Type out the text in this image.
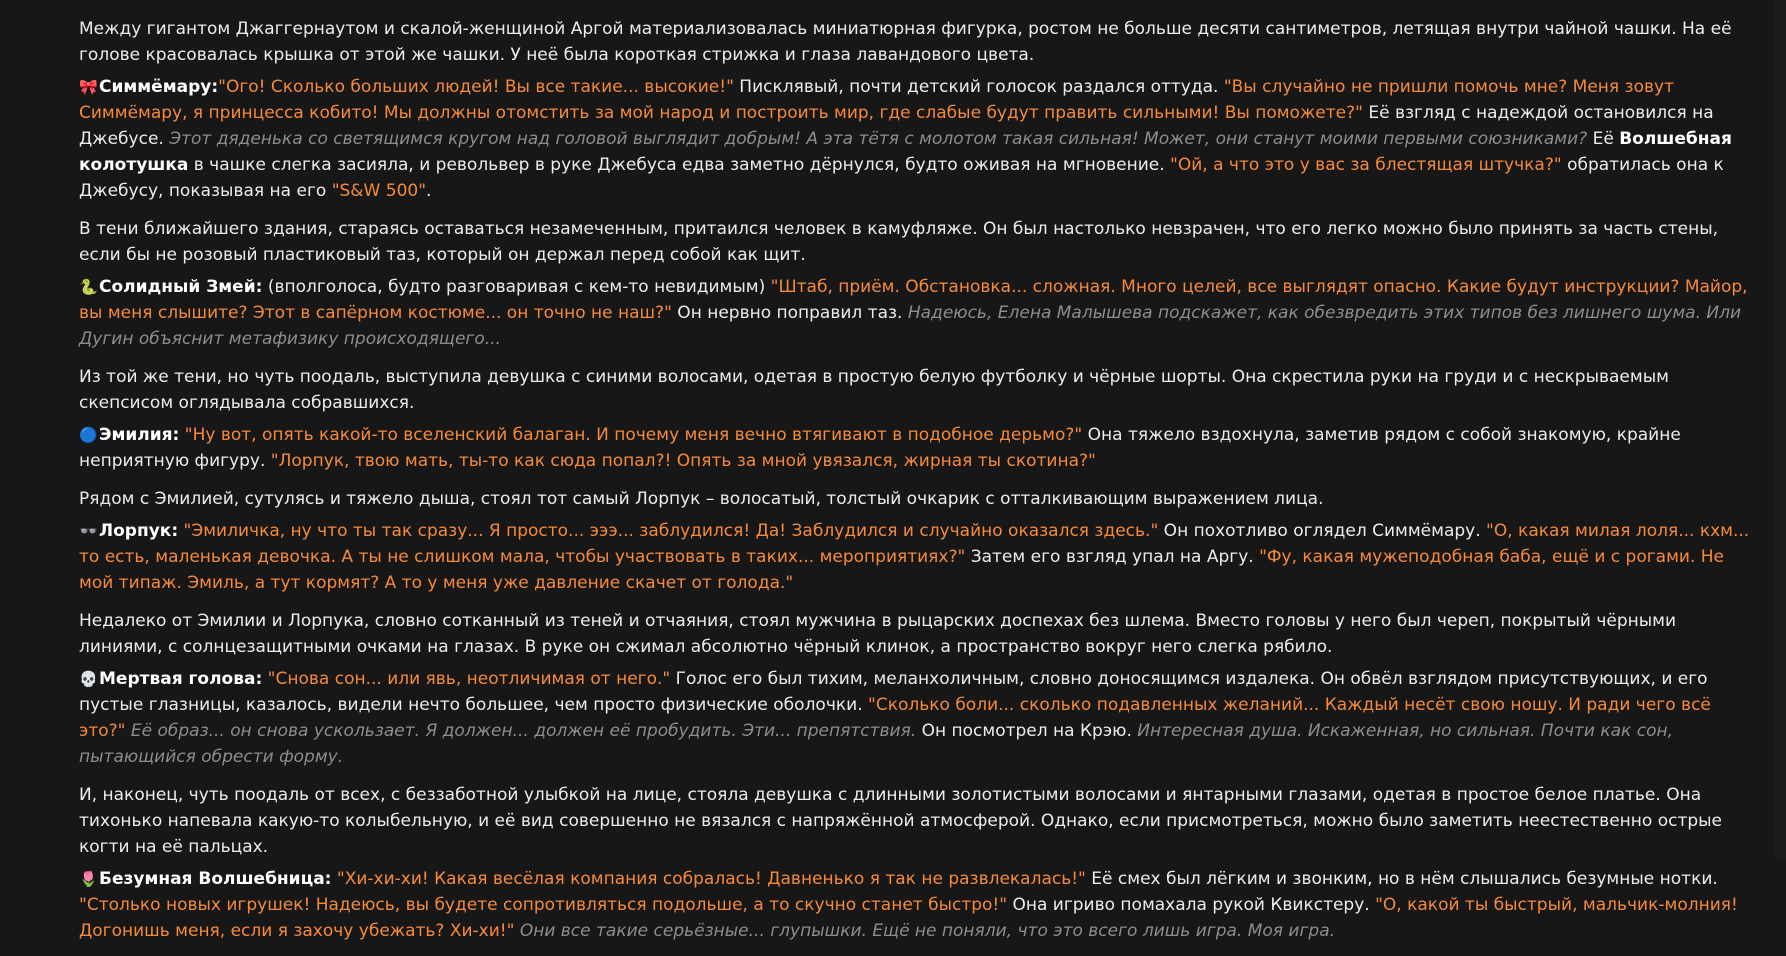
Между гигантом Джаггернаутом и скалой-женщиной Аргой материализовалась миниатюрная фигурка, ростом не больше десяти сантиметров, летящая внутри чайной чашки. На её голове красовалась крышка от этой же чашки. У неё была короткая стрижка и глаза лавандового цвета.

🎀Симмёмару:"Ого! Сколько больших людей! Вы все такие... высокие!" Писклявый, почти детский голосок раздался оттуда. "Вы случайно не пришли помочь мне? Меня зовут Симмёмару, я принцесса кобито! Мы должны отомстить за мой народ и построить мир, где слабые будут править сильными! Вы поможете?" Её взгляд с надеждой остановился на Джебусе. Этот дяденька со светящимся кругом над головой выглядит добрым! А эта тётя с молотом такая сильная! Может, они станут моими первыми союзниками? Её Волшебная колотушка в чашке слегка засияла, и револьвер в руке Джебуса едва заметно дёрнулся, будто оживая на мгновение. "Ой, а что это у вас за блестящая штучка?" обратилась она к Джебусу, показывая на его "S&W 500".

В тени ближайшего здания, стараясь оставаться незамеченным, притаился человек в камуфляже. Он был настолько невзрачен, что его легко можно было принять за часть стены, если бы не розовый пластиковый таз, который он держал перед собой как щит.

🐍Солидный Змей: (вполголоса, будто разговаривая с кем-то невидимым) "Штаб, приём. Обстановка... сложная. Много целей, все выглядят опасно. Какие будут инструкции? Майор, вы меня слышите? Этот в сапёрном костюме... он точно не наш?" Он нервно поправил таз. Надеюсь, Елена Малышева подскажет, как обезвредить этих типов без лишнего шума. Или Дугин объяснит метафизику происходящего...

Из той же тени, но чуть поодаль, выступила девушка с синими волосами, одетая в простую белую футболку и чёрные шорты. Она скрестила руки на груди и с нескрываемым скепсисом оглядывала собравшихся.

🔵Эмилия: "Ну вот, опять какой-то вселенский балаган. И почему меня вечно втягивают в подобное дерьмо?" Она тяжело вздохнула, заметив рядом с собой знакомую, крайне неприятную фигуру. "Лорпук, твою мать, ты-то как сюда попал?! Опять за мной увязался, жирная ты скотина?"

Рядом с Эмилией, сутулясь и тяжело дыша, стоял тот самый Лорпук – волосатый, толстый очкарик с отталкивающим выражением лица.

👓Лорпук: "Эмиличка, ну что ты так сразу... Я просто... эээ... заблудился! Да! Заблудился и случайно оказался здесь." Он похотливо оглядел Симмёмару. "О, какая милая лоля... кхм... то есть, маленькая девочка. А ты не слишком мала, чтобы участвовать в таких... мероприятиях?" Затем его взгляд упал на Аргу. "Фу, какая мужеподобная баба, ещё и с рогами. Не мой типаж. Эмиль, а тут кормят? А то у меня уже давление скачет от голода."

Недалеко от Эмилии и Лорпука, словно сотканный из теней и отчаяния, стоял мужчина в рыцарских доспехах без шлема. Вместо головы у него был череп, покрытый чёрными линиями, с солнцезащитными очками на глазах. В руке он сжимал абсолютно чёрный клинок, а пространство вокруг него слегка рябило.

💀Мертвая голова: "Снова сон... или явь, неотличимая от него." Голос его был тихим, меланхоличным, словно доносящимся издалека. Он обвёл взглядом присутствующих, и его пустые глазницы, казалось, видели нечто большее, чем просто физические оболочки. "Сколько боли... сколько подавленных желаний... Каждый несёт свою ношу. И ради чего всё это?" Её образ... он снова ускользает. Я должен... должен её пробудить. Эти... препятствия. Он посмотрел на Крэю. Интересная душа. Искаженная, но сильная. Почти как сон, пытающийся обрести форму.

И, наконец, чуть поодаль от всех, с беззаботной улыбкой на лице, стояла девушка с длинными золотистыми волосами и янтарными глазами, одетая в простое белое платье. Она тихонько напевала какую-то колыбельную, и её вид совершенно не вязался с напряжённой атмосферой. Однако, если присмотреться, можно было заметить неестественно острые когти на её пальцах.

🌷Безумная Волшебница: "Хи-хи-хи! Какая весёлая компания собралась! Давненько я так не развлекалась!" Её смех был лёгким и звонким, но в нём слышались безумные нотки. "Столько новых игрушек! Надеюсь, вы будете сопротивляться подольше, а то скучно станет быстро!" Она игриво помахала рукой Квикстеру. "О, какой ты быстрый, мальчик-молния! Догонишь меня, если я захочу убежать? Хи-хи!" Они все такие серьёзные... глупышки. Ещё не поняли, что это всего лишь игра. Моя игра.
